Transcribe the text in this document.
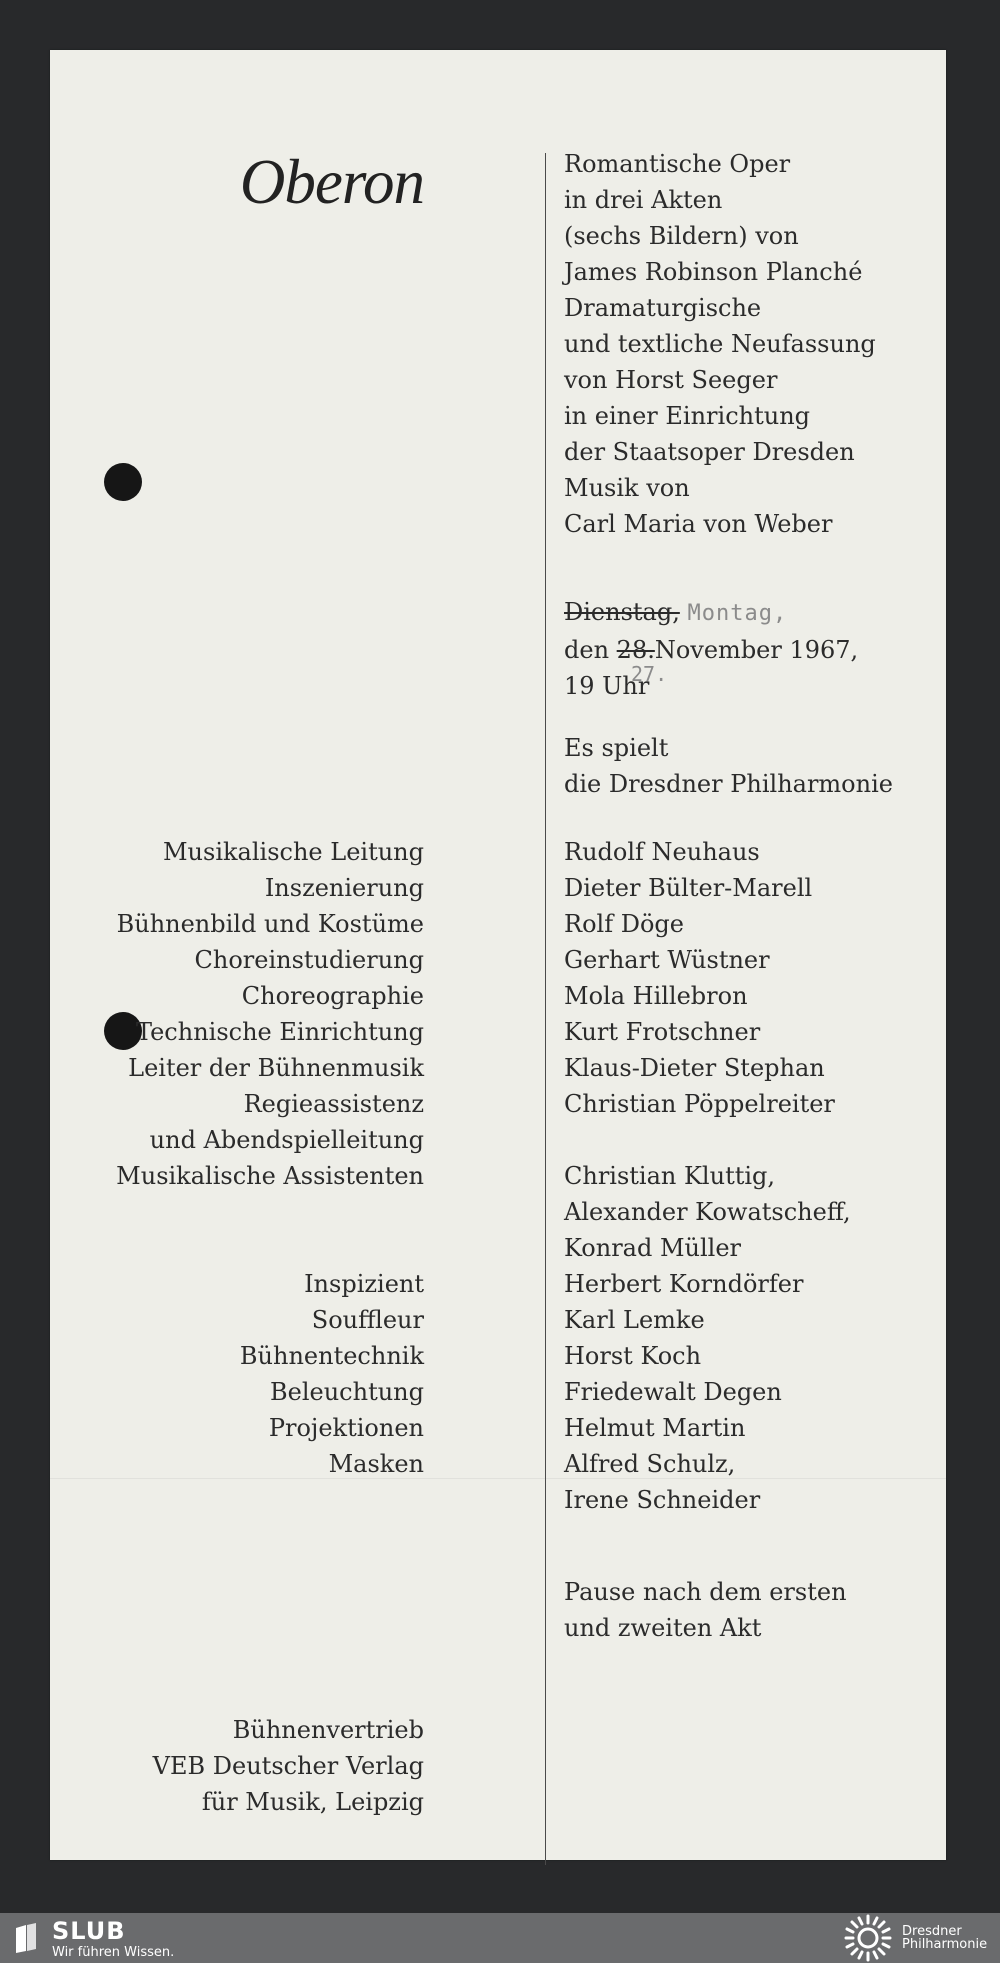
Oberon	Romantische Oper
in drei Akten
(sechs Bildern) von
James Robinson Planché
Dramaturgische
und textliche Neufassung
von Horst Seeger
in einer Einrichtung
der Staatsoper Dresden
Musik von
Carl Maria von Weber
Dienstag, Montag,
den 28.November 1967,
27.
19 Uhr
Es spielt
die Dresdner Philharmonie
Musikalische Leitung
Inszenierung
Bühnenbild und Kostüme
Choreinstudierung
Choreographie
Technische Einrichtung
Leiter der Bühnenmusik
Regieassistenz
und Abendspielleitung
Musikalische Assistenten
Inspizient
Souffleur
Bühnentechnik
Beleuchtung
Projektionen
Masken
Rudolf Neuhaus
Dieter Bülter-Marell
Rolf Döge
Gerhart Wüstner
Mola Hillebron
Kurt Frotschner
Klaus-Dieter Stephan
Christian Pöppelreiter
Christian Kluttig,
Alexander Kowatscheff,
Konrad Müller
Herbert Korndörfer
Karl Lemke
Horst Koch
Friedewalt Degen
Helmut Martin
Alfred Schulz,
Irene Schneider
Pause nach dem ersten
und zweiten Akt
Bühnenvertrieb
VEB Deutscher Verlag
für Musik, Leipzig
SLUB
Wir führen Wissen.
Dresdner
Philharmonie
